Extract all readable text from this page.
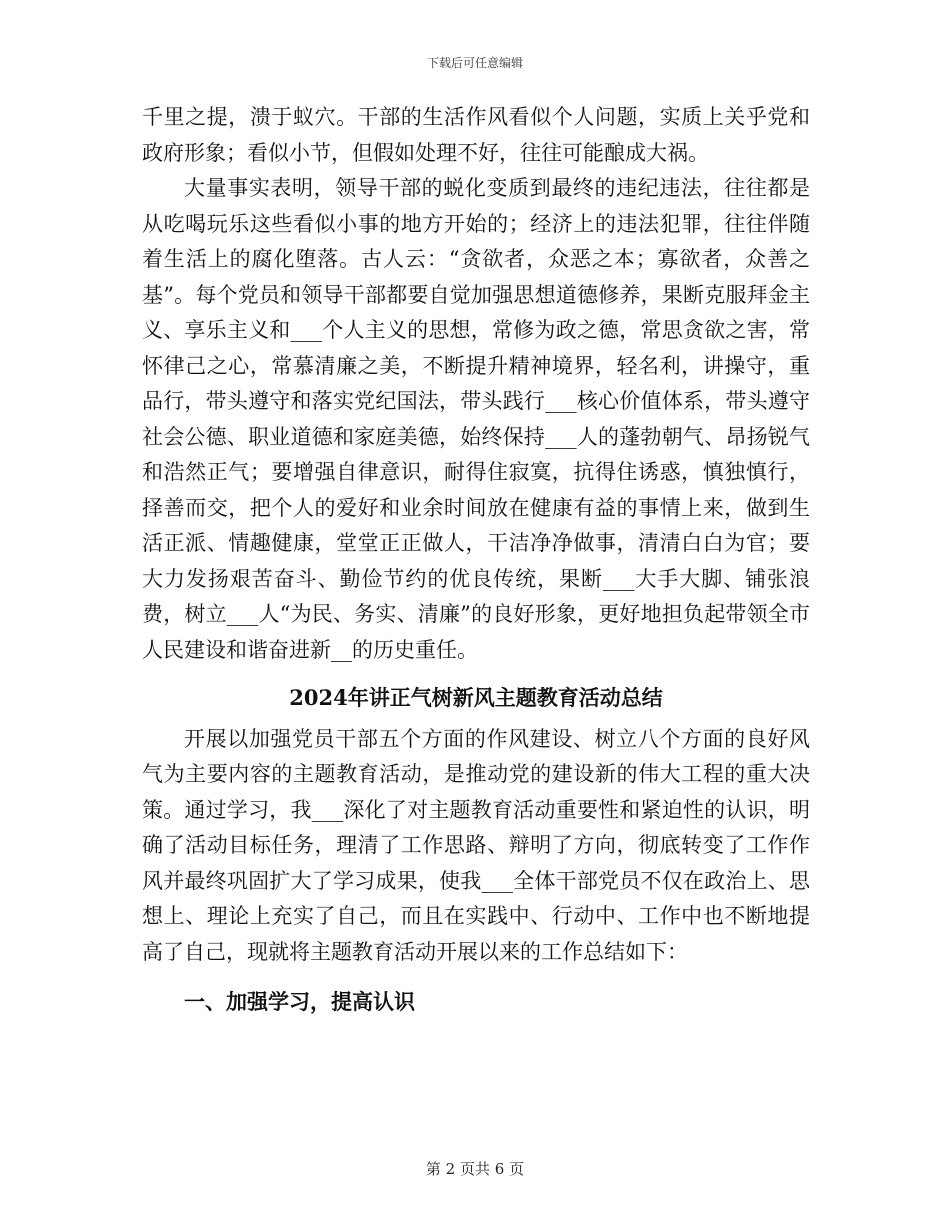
下载后可任意编辑

千里之提，溃于蚁穴。干部的生活作风看似个人问题，实质上关乎党和政府形象；看似小节，但假如处理不好，往往可能酿成大祸。

大量事实表明，领导干部的蜕化变质到最终的违纪违法，往往都是从吃喝玩乐这些看似小事的地方开始的；经济上的违法犯罪，往往伴随着生活上的腐化堕落。古人云：“贪欲者，众恶之本；寡欲者，众善之基”。每个党员和领导干部都要自觉加强思想道德修养，果断克服拜金主义、享乐主义和___个人主义的思想，常修为政之德，常思贪欲之害，常怀律己之心，常慕清廉之美，不断提升精神境界，轻名利，讲操守，重品行，带头遵守和落实党纪国法，带头践行___核心价值体系，带头遵守社会公德、职业道德和家庭美德，始终保持___人的蓬勃朝气、昂扬锐气和浩然正气；要增强自律意识，耐得住寂寞，抗得住诱惑，慎独慎行，择善而交，把个人的爱好和业余时间放在健康有益的事情上来，做到生活正派、情趣健康，堂堂正正做人，干洁净净做事，清清白白为官；要大力发扬艰苦奋斗、勤俭节约的优良传统，果断___大手大脚、铺张浪费，树立___人“为民、务实、清廉”的良好形象，更好地担负起带领全市人民建设和谐奋进新__的历史重任。

2024年讲正气树新风主题教育活动总结

开展以加强党员干部五个方面的作风建设、树立八个方面的良好风气为主要内容的主题教育活动，是推动党的建设新的伟大工程的重大决策。通过学习，我___深化了对主题教育活动重要性和紧迫性的认识，明确了活动目标任务，理清了工作思路、辩明了方向，彻底转变了工作作风并最终巩固扩大了学习成果，使我___全体干部党员不仅在政治上、思想上、理论上充实了自己，而且在实践中、行动中、工作中也不断地提高了自己，现就将主题教育活动开展以来的工作总结如下：

一、加强学习，提高认识

第 2 页共 6 页
